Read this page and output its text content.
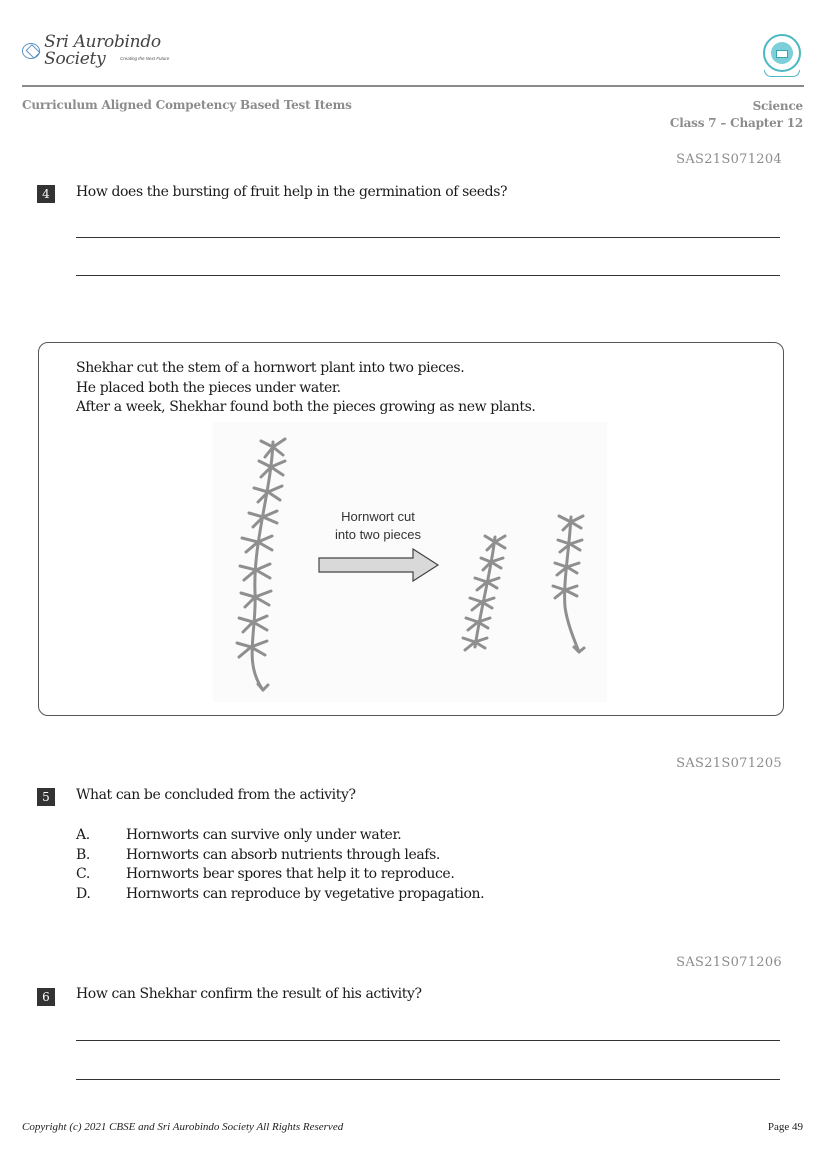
Sri Aurobindo Society	Creating the Next Future
Curriculum Aligned Competency Based Test Items	Science
Class 7 – Chapter 12
SAS21S071204
4	How does the bursting of fruit help in the germination of seeds?
Shekhar cut the stem of a hornwort plant into two pieces.
He placed both the pieces under water.
After a week, Shekhar found both the pieces growing as new plants.
Hornwort cut
into two pieces
SAS21S071205
5	What can be concluded from the activity?
A.	Hornworts can survive only under water.
B.	Hornworts can absorb nutrients through leafs.
C.	Hornworts bear spores that help it to reproduce.
D.	Hornworts can reproduce by vegetative propagation.
SAS21S071206
6	How can Shekhar confirm the result of his activity?
Copyright (c) 2021 CBSE and Sri Aurobindo Society All Rights Reserved	Page 49
